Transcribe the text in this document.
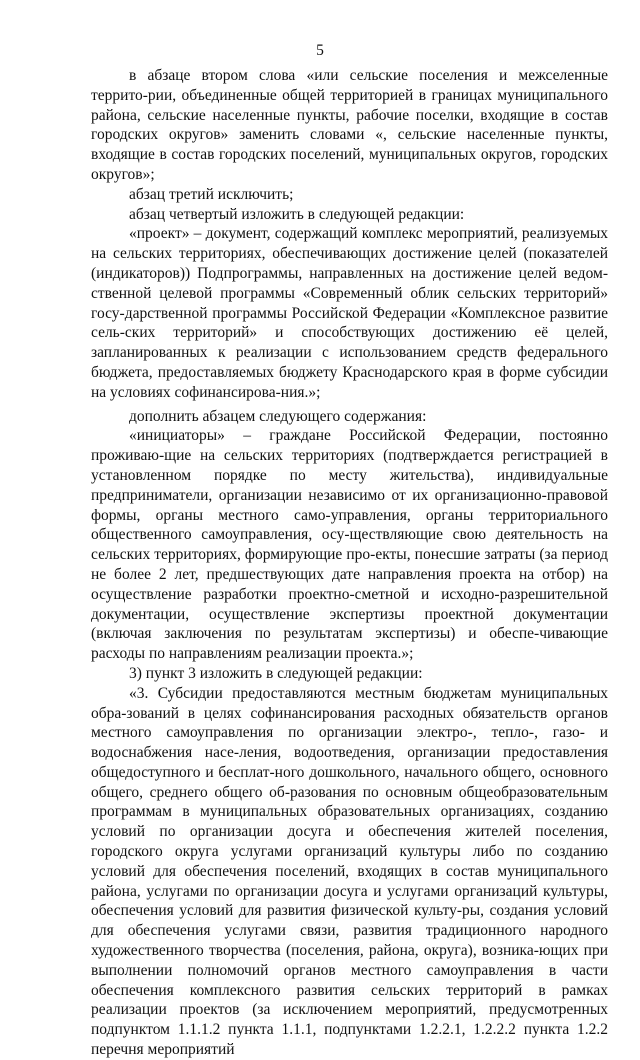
5

в абзаце втором слова «или сельские поселения и межселенные террито-рии, объединенные общей территорией в границах муниципального района, сельские населенные пункты, рабочие поселки, входящие в состав городских округов» заменить словами «, сельские населенные пункты, входящие в состав городских поселений, муниципальных округов, городских округов»;

абзац третий исключить;

абзац четвертый изложить в следующей редакции:

«проект» – документ, содержащий комплекс мероприятий, реализуемых на сельских территориях, обеспечивающих достижение целей (показателей (индикаторов)) Подпрограммы, направленных на достижение целей ведом-ственной целевой программы «Современный облик сельских территорий» госу-дарственной программы Российской Федерации «Комплексное развитие сель-ских территорий» и способствующих достижению её целей, запланированных к реализации с использованием средств федерального бюджета, предоставляемых бюджету Краснодарского края в форме субсидии на условиях софинансирова-ния.»;

дополнить абзацем следующего содержания:

«инициаторы» – граждане Российской Федерации, постоянно проживаю-щие на сельских территориях (подтверждается регистрацией в установленном порядке по месту жительства), индивидуальные предприниматели, организации независимо от их организационно-правовой формы, органы местного само-управления, органы территориального общественного самоуправления, осу-ществляющие свою деятельность на сельских территориях, формирующие про-екты, понесшие затраты (за период не более 2 лет, предшествующих дате направления проекта на отбор) на осуществление разработки проектно-сметной и исходно-разрешительной документации, осуществление экспертизы проектной документации (включая заключения по результатам экспертизы) и обеспе-чивающие расходы по направлениям реализации проекта.»;

3) пункт 3 изложить в следующей редакции:

«3. Субсидии предоставляются местным бюджетам муниципальных обра-зований в целях софинансирования расходных обязательств органов местного самоуправления по организации электро-, тепло-, газо- и водоснабжения насе-ления, водоотведения, организации предоставления общедоступного и бесплат-ного дошкольного, начального общего, основного общего, среднего общего об-разования по основным общеобразовательным программам в муниципальных образовательных организациях, созданию условий по организации досуга и обеспечения жителей поселения, городского округа услугами организаций культуры либо по созданию условий для обеспечения поселений, входящих в состав муниципального района, услугами по организации досуга и услугами организаций культуры, обеспечения условий для развития физической культу-ры, создания условий для обеспечения услугами связи, развития традиционного народного художественного творчества (поселения, района, округа), возника-ющих при выполнении полномочий органов местного самоуправления в части обеспечения комплексного развития сельских территорий в рамках реализации проектов (за исключением мероприятий, предусмотренных подпунктом 1.1.1.2 пункта 1.1.1, подпунктами 1.2.2.1, 1.2.2.2 пункта 1.2.2 перечня мероприятий
